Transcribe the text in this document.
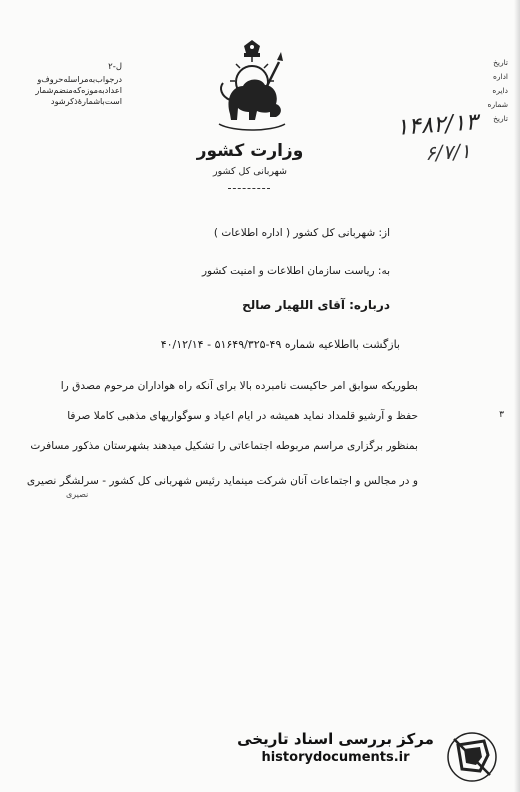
ل-۲
درجواب‌به‌مراسله‌حروف‌و
اعداد‌به‌موزه‌که‌منضم‌شمار
است‌باشمارۀ‌ذکرشود
وزارت کشور
شهربانی کل کشور
تاریخ
اداره
دایره
شماره
تاریخ
۱۴۸۲/۱۳
۶/۷/۱
از: شهربانی کل کشور ( اداره اطلاعات )
به: ریاست سازمان اطلاعات و امنیت کشور
درباره: آقای اللهیار صالح
بازگشت بااطلاعیه شماره ۴۹-۵۱۶۴۹/۳۲۵ - ۴۰/۱۲/۱۴
بطوریکه سوابق امر حاکیست نامبرده بالا برای آنکه راه هواداران مرحوم مصدق را
حفظ و آرشیو قلمداد نماید همیشه در ایام اعیاد و سوگواریهای مذهبی کاملا صرفا
بمنظور برگزاری مراسم مربوطه اجتماعاتی را تشکیل میدهند بشهرستان مذکور مسافرت
و در مجالس و اجتماعات آنان شرکت مینماید رئیس شهربانی کل کشور - سرلشگر نصیری
۳
نصیری
مرکز بررسی اسناد تاریخی
historydocuments.ir
